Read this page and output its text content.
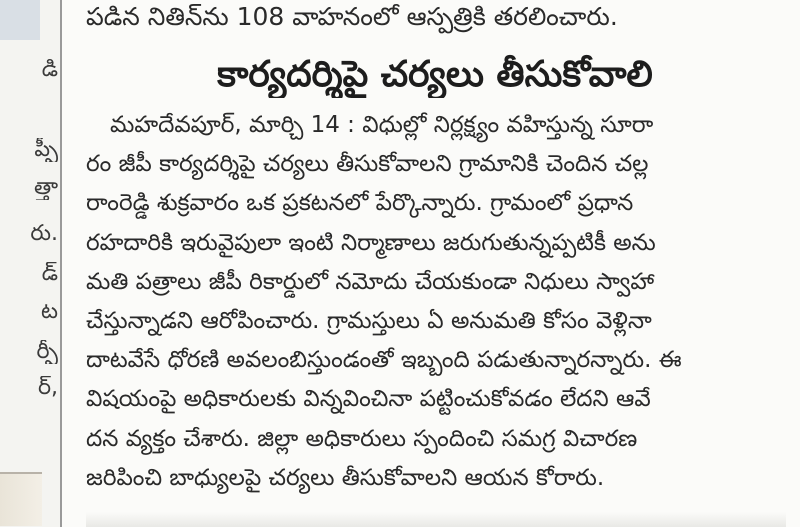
డి
ప్పీ
త్తా
రు.
డ్
ట
ర్పీ
ర్,
పడిన నితిన్‌ను 108 వాహనంలో ఆస్పత్రికి తరలించారు.
కార్యదర్శిపై చర్యలు తీసుకోవాలి
మహదేవపూర్, మార్చి 14 : విధుల్లో నిర్లక్ష్యం వహిస్తున్న సూరా
రం జీపీ కార్యదర్శిపై చర్యలు తీసుకోవాలని గ్రామానికి చెందిన చల్ల
రాంరెడ్డి శుక్రవారం ఒక ప్రకటనలో పేర్కొన్నారు. గ్రామంలో ప్రధాన
రహదారికి ఇరువైపులా ఇంటి నిర్మాణాలు జరుగుతున్నప్పటికీ అను
మతి పత్రాలు జీపీ రికార్డులో నమోదు చేయకుండా నిధులు స్వాహా
చేస్తున్నాడని ఆరోపించారు. గ్రామస్తులు ఏ అనుమతి కోసం వెళ్లినా
దాటవేసే ధోరణి అవలంబిస్తుండంతో ఇబ్బంది పడుతున్నారన్నారు. ఈ
విషయంపై అధికారులకు విన్నవించినా పట్టించుకోవడం లేదని ఆవే
దన వ్యక్తం చేశారు. జిల్లా అధికారులు స్పందించి సమగ్ర విచారణ
జరిపించి బాధ్యులపై చర్యలు తీసుకోవాలని ఆయన కోరారు.
